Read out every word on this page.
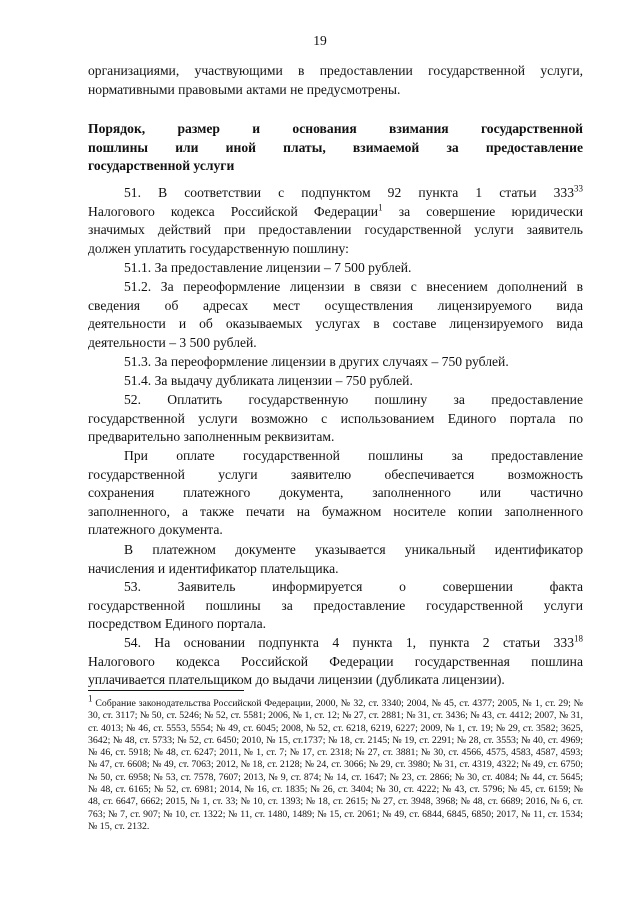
19

организациями, участвующими в предоставлении государственной услуги,

нормативными правовыми актами не предусмотрены.

Порядок, размер и основания взимания государственной

пошлины или иной платы, взимаемой за предоставление

государственной услуги

51. В соответствии с подпунктом 92 пункта 1 статьи $333^{33}$

Налогового кодекса Российской Федерации$^1$ за совершение юридически

значимых действий при предоставлении государственной услуги заявитель

должен уплатить государственную пошлину:

51.1. За предоставление лицензии – 7 500 рублей.

51.2. За переоформление лицензии в связи с внесением дополнений в

сведения об адресах мест осуществления лицензируемого вида

деятельности и об оказываемых услугах в составе лицензируемого вида

деятельности – 3 500 рублей.

51.3. За переоформление лицензии в других случаях – 750 рублей.

51.4. За выдачу дубликата лицензии – 750 рублей.

52. Оплатить государственную пошлину за предоставление

государственной услуги возможно с использованием Единого портала по

предварительно заполненным реквизитам.

При оплате государственной пошлины за предоставление

государственной услуги заявителю обеспечивается возможность

сохранения платежного документа, заполненного или частично

заполненного, а также печати на бумажном носителе копии заполненного

платежного документа.

В платежном документе указывается уникальный идентификатор

начисления и идентификатор плательщика.

53. Заявитель информируется о совершении факта

государственной пошлины за предоставление государственной услуги

посредством Единого портала.

54. На основании подпункта 4 пункта 1, пункта 2 статьи $333^{18}$

Налогового кодекса Российской Федерации государственная пошлина

уплачивается плательщиком до выдачи лицензии (дубликата лицензии).

$^1$ Собрание законодательства Российской Федерации, 2000, № 32, ст. 3340; 2004, № 45, ст. 4377; 2005, № 1, ст. 29; № 30, ст. 3117; № 50, ст. 5246; № 52, ст. 5581; 2006, № 1, ст. 12; № 27, ст. 2881; № 31, ст. 3436; № 43, ст. 4412; 2007, № 31, ст. 4013; № 46, ст. 5553, 5554; № 49, ст. 6045; 2008, № 52, ст. 6218, 6219, 6227; 2009, № 1, ст. 19; № 29, ст. 3582; 3625, 3642; № 48, ст. 5733; № 52, ст. 6450; 2010, № 15, ст.1737; № 18, ст. 2145; № 19, ст. 2291; № 28, ст. 3553; № 40, ст. 4969; № 46, ст. 5918; № 48, ст. 6247; 2011, № 1, ст. 7; № 17, ст. 2318; № 27, ст. 3881; № 30, ст. 4566, 4575, 4583, 4587, 4593; № 47, ст. 6608; № 49, ст. 7063; 2012, № 18, ст. 2128; № 24, ст. 3066; № 29, ст. 3980; № 31, ст. 4319, 4322; № 49, ст. 6750; № 50, ст. 6958; № 53, ст. 7578, 7607; 2013, № 9, ст. 874; № 14, ст. 1647; № 23, ст. 2866; № 30, ст. 4084; № 44, ст. 5645; № 48, ст. 6165; № 52, ст. 6981; 2014, № 16, ст. 1835; № 26, ст. 3404; № 30, ст. 4222; № 43, ст. 5796; № 45, ст. 6159; № 48, ст. 6647, 6662; 2015, № 1, ст. 33; № 10, ст. 1393; № 18, ст. 2615; № 27, ст. 3948, 3968; № 48, ст. 6689; 2016, № 6, ст. 763; № 7, ст. 907; № 10, ст. 1322; № 11, ст. 1480, 1489; № 15, ст. 2061; № 49, ст. 6844, 6845, 6850; 2017, № 11, ст. 1534; № 15, ст. 2132.
